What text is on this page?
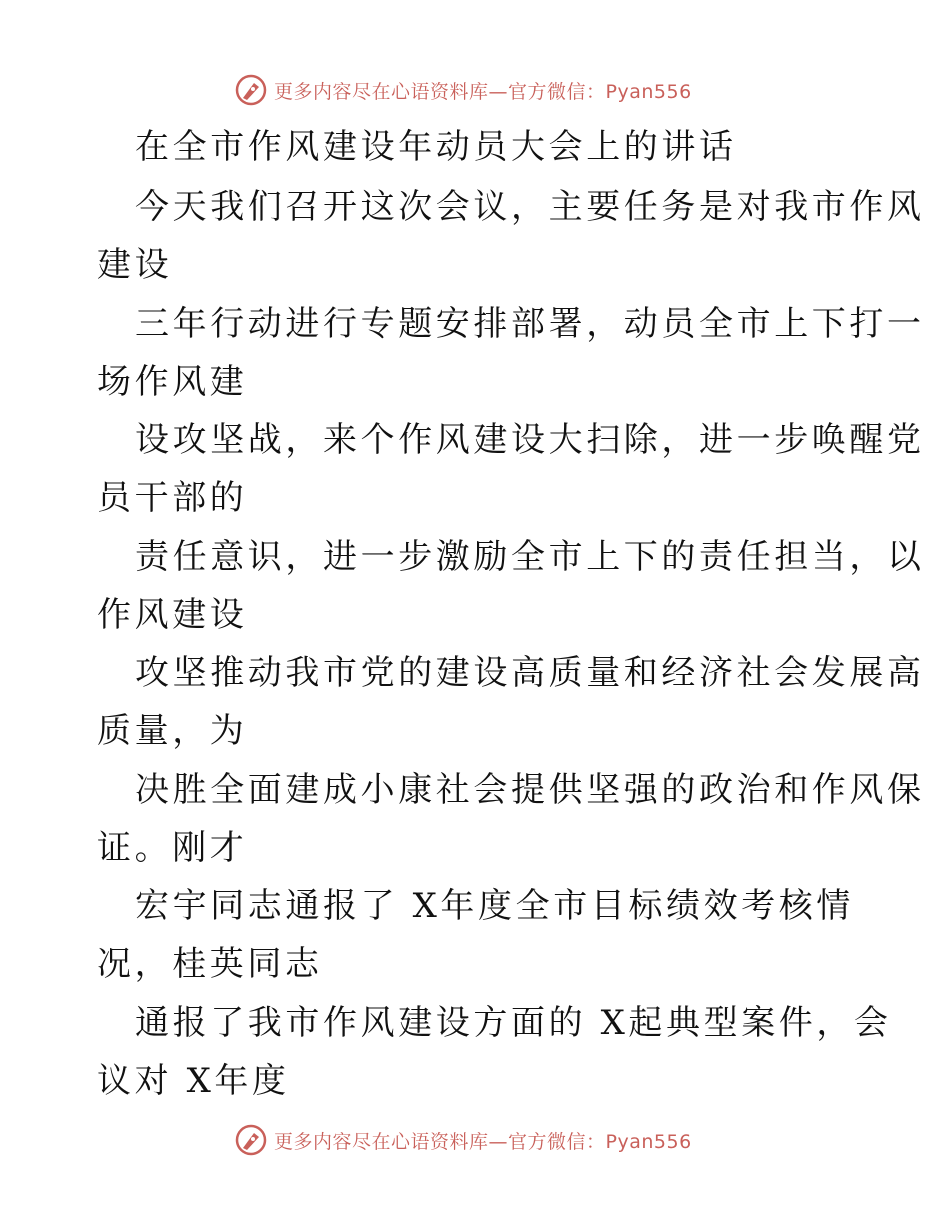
更多内容尽在心语资料库—官方微信：Pyan556
在全市作风建设年动员大会上的讲话
今天我们召开这次会议，主要任务是对我市作风
建设
三年行动进行专题安排部署，动员全市上下打一
场作风建
设攻坚战，来个作风建设大扫除，进一步唤醒党
员干部的
责任意识，进一步激励全市上下的责任担当，以
作风建设
攻坚推动我市党的建设高质量和经济社会发展高
质量，为
决胜全面建成小康社会提供坚强的政治和作风保
证。刚才
宏宇同志通报了 X年度全市目标绩效考核情
况，桂英同志
通报了我市作风建设方面的 X起典型案件，会
议对 X年度
更多内容尽在心语资料库—官方微信：Pyan556
